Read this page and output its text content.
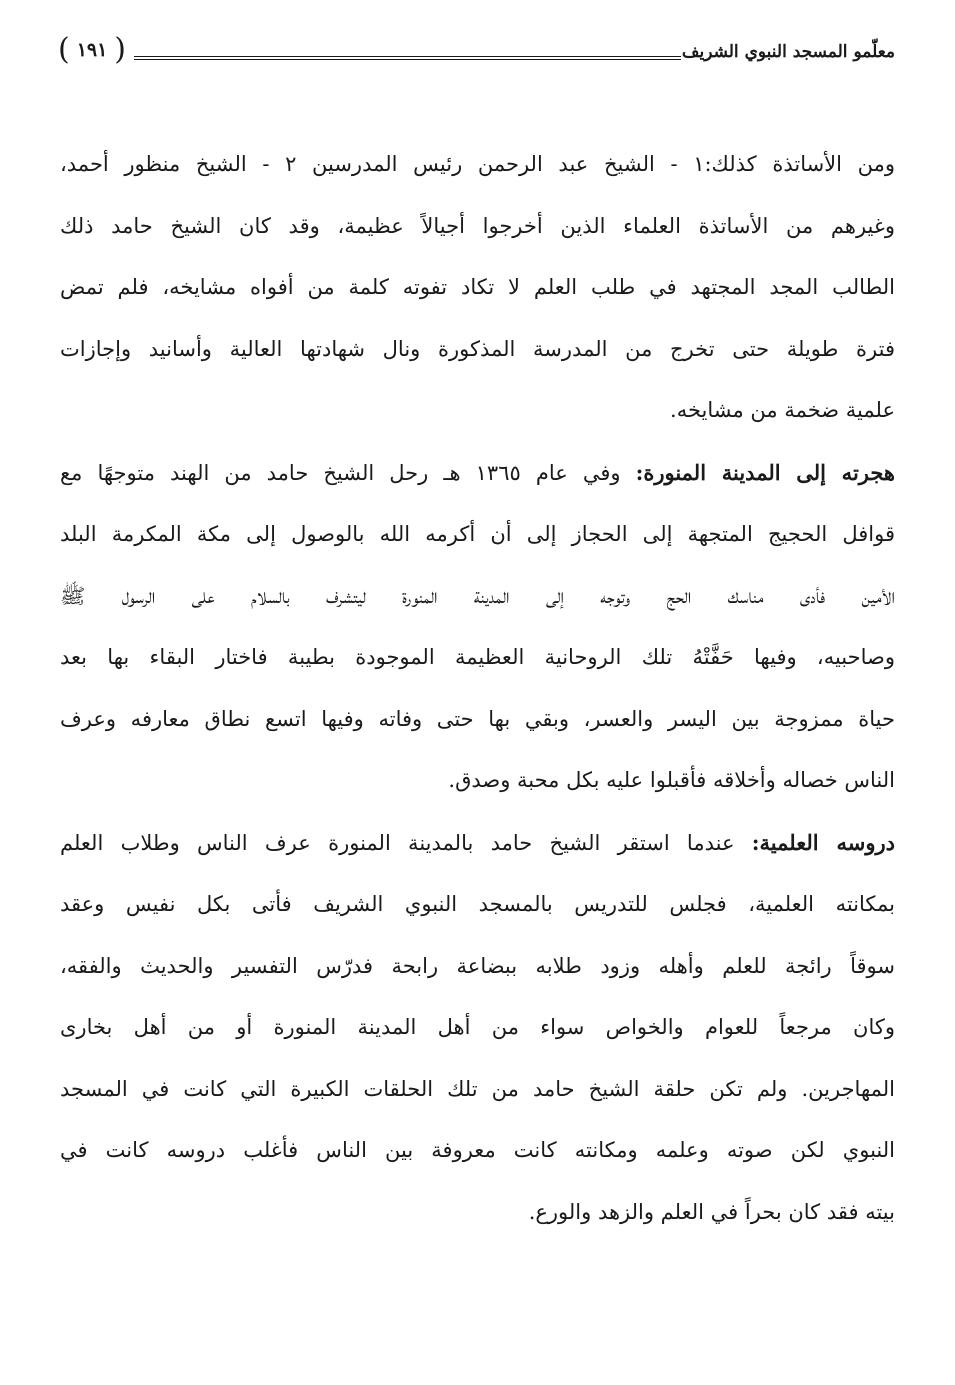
معلّمو المسجد النبوي الشريف
(
١٩١
)

ومن الأساتذة كذلك:١ - الشيخ عبد الرحمن رئيس المدرسين ٢ - الشيخ منظور أحمد،
وغيرهم من الأساتذة العلماء الذين أخرجوا أجيالاً عظيمة، وقد كان الشيخ حامد ذلك
الطالب المجد المجتهد في طلب العلم لا تكاد تفوته كلمة من أفواه مشايخه، فلم تمض
فترة طويلة حتى تخرج من المدرسة المذكورة ونال شهادتها العالية وأسانيد وإجازات
علمية ضخمة من مشايخه.

هجرته إلى المدينة المنورة: وفي عام ١٣٦٥ هـ رحل الشيخ حامد من الهند متوجهًا مع
قوافل الحجيج المتجهة إلى الحجاز إلى أن أكرمه الله بالوصول إلى مكة المكرمة البلد
الأمين فأدى مناسك الحج وتوجه إلى المدينة المنورة ليتشرف بالسلام على الرسول ﷺ
وصاحبيه، وفيها حَفَّتْهُ تلك الروحانية العظيمة الموجودة بطيبة فاختار البقاء بها بعد
حياة ممزوجة بين اليسر والعسر، وبقي بها حتى وفاته وفيها اتسع نطاق معارفه وعرف
الناس خصاله وأخلاقه فأقبلوا عليه بكل محبة وصدق.

دروسه العلمية: عندما استقر الشيخ حامد بالمدينة المنورة عرف الناس وطلاب العلم
بمكانته العلمية، فجلس للتدريس بالمسجد النبوي الشريف فأتى بكل نفيس وعقد
سوقاً رائجة للعلم وأهله وزود طلابه ببضاعة رابحة فدرّس التفسير والحديث والفقه،
وكان مرجعاً للعوام والخواص سواء من أهل المدينة المنورة أو من أهل بخارى
المهاجرين. ولم تكن حلقة الشيخ حامد من تلك الحلقات الكبيرة التي كانت في المسجد
النبوي لكن صوته وعلمه ومكانته كانت معروفة بين الناس فأغلب دروسه كانت في
بيته فقد كان بحراً في العلم والزهد والورع.
